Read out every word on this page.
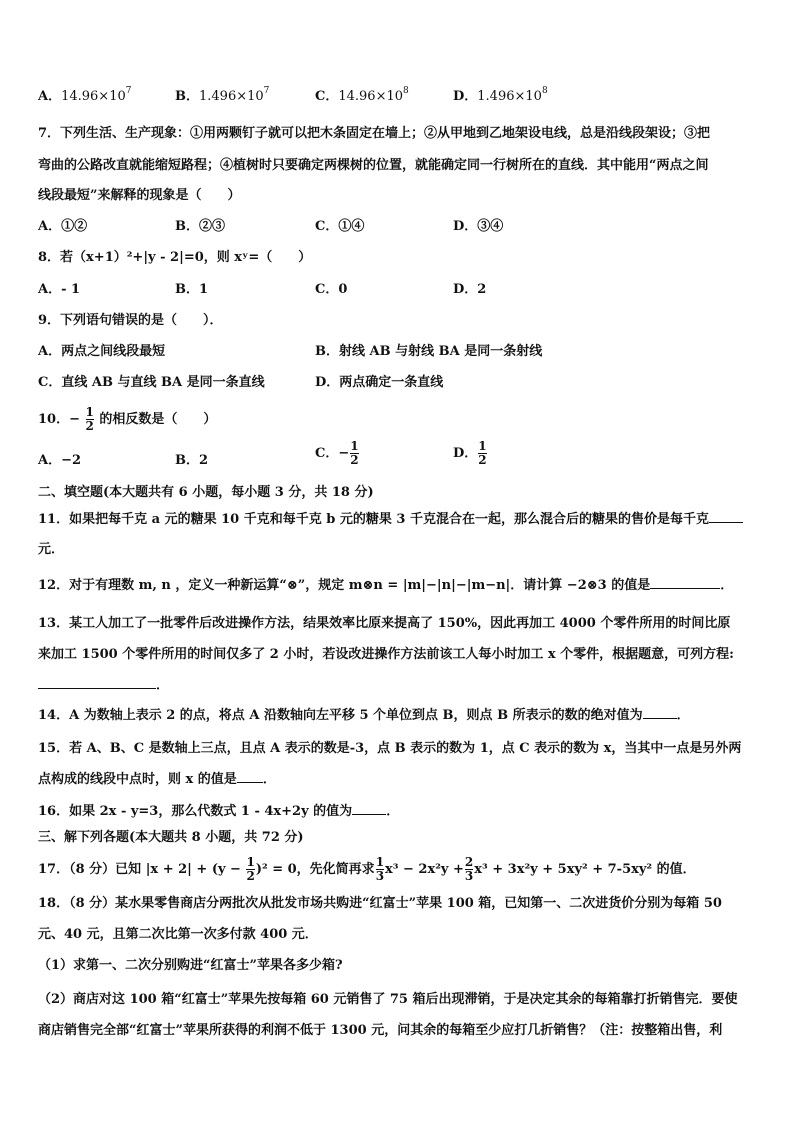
A．$14.96\times 10^7$	B．$1.496\times 10^7$	C．$14.96\times 10^8$	D．$1.496\times 10^8$
7．下列生活、生产现象：①用两颗钉子就可以把木条固定在墙上；②从甲地到乙地架设电线，总是沿线段架设；③把
弯曲的公路改直就能缩短路程；④植树时只要确定两棵树的位置，就能确定同一行树所在的直线．其中能用“两点之间
线段最短”来解释的现象是（　　）
A．①②	B．②③	C．①④	D．③④
8．若（x+1）²+|y - 2|=0，则 xʸ=（　　）
A．- 1	B．1	C．0	D．2
9．下列语句错误的是（　　）．
A．两点之间线段最短	B．射线 AB 与射线 BA 是同一条射线
C．直线 AB 与直线 BA 是同一条直线	D．两点确定一条直线
10．− $\frac{1}{2}$ 的相反数是（　　）
A．−2	B．2	C．− $\frac{1}{2}$	D． $\frac{1}{2}$
二、填空题(本大题共有 6 小题，每小题 3 分，共 18 分)
11．如果把每千克 a 元的糖果 10 千克和每千克 b 元的糖果 3 千克混合在一起，那么混合后的糖果的售价是每千克
元．
12．对于有理数 m, n ，定义一种新运算“⊗”，规定 m⊗n = |m|−|n|−|m−n|．请计算 −2⊗3 的值是	．
13．某工人加工了一批零件后改进操作方法，结果效率比原来提高了 150%，因此再加工 4000 个零件所用的时间比原
来加工 1500 个零件所用的时间仅多了 2 小时，若设改进操作方法前该工人每小时加工 x 个零件，根据题意，可列方程:
．
14．A 为数轴上表示 2 的点，将点 A 沿数轴向左平移 5 个单位到点 B，则点 B 所表示的数的绝对值为	．
15．若 A、B、C 是数轴上三点，且点 A 表示的数是-3，点 B 表示的数为 1，点 C 表示的数为 x，当其中一点是另外两
点构成的线段中点时，则 x 的值是 ．
16．如果 2x - y=3，那么代数式 1 - 4x+2y 的值为	．
三、解下列各题(本大题共 8 小题，共 72 分)
17．（8 分）已知 $|x + 2| + (y - \frac{1}{2} )^2 = 0$，先化简再求 $\frac{1}{3} x^3 - 2x^2y + \frac{2}{3} x^3 + 3x^2y + 5xy^2 + 7-5xy^2$ 的值．
18．（8 分）某水果零售商店分两批次从批发市场共购进“红富士”苹果 100 箱，已知第一、二次进货价分别为每箱 50
元、40 元，且第二次比第一次多付款 400 元．
（1）求第一、二次分别购进“红富士”苹果各多少箱?
（2）商店对这 100 箱“红富士”苹果先按每箱 60 元销售了 75 箱后出现滞销，于是决定其余的每箱靠打折销售完．要使
商店销售完全部“红富士”苹果所获得的利润不低于 1300 元，问其余的每箱至少应打几折销售？（注：按整箱出售，利
